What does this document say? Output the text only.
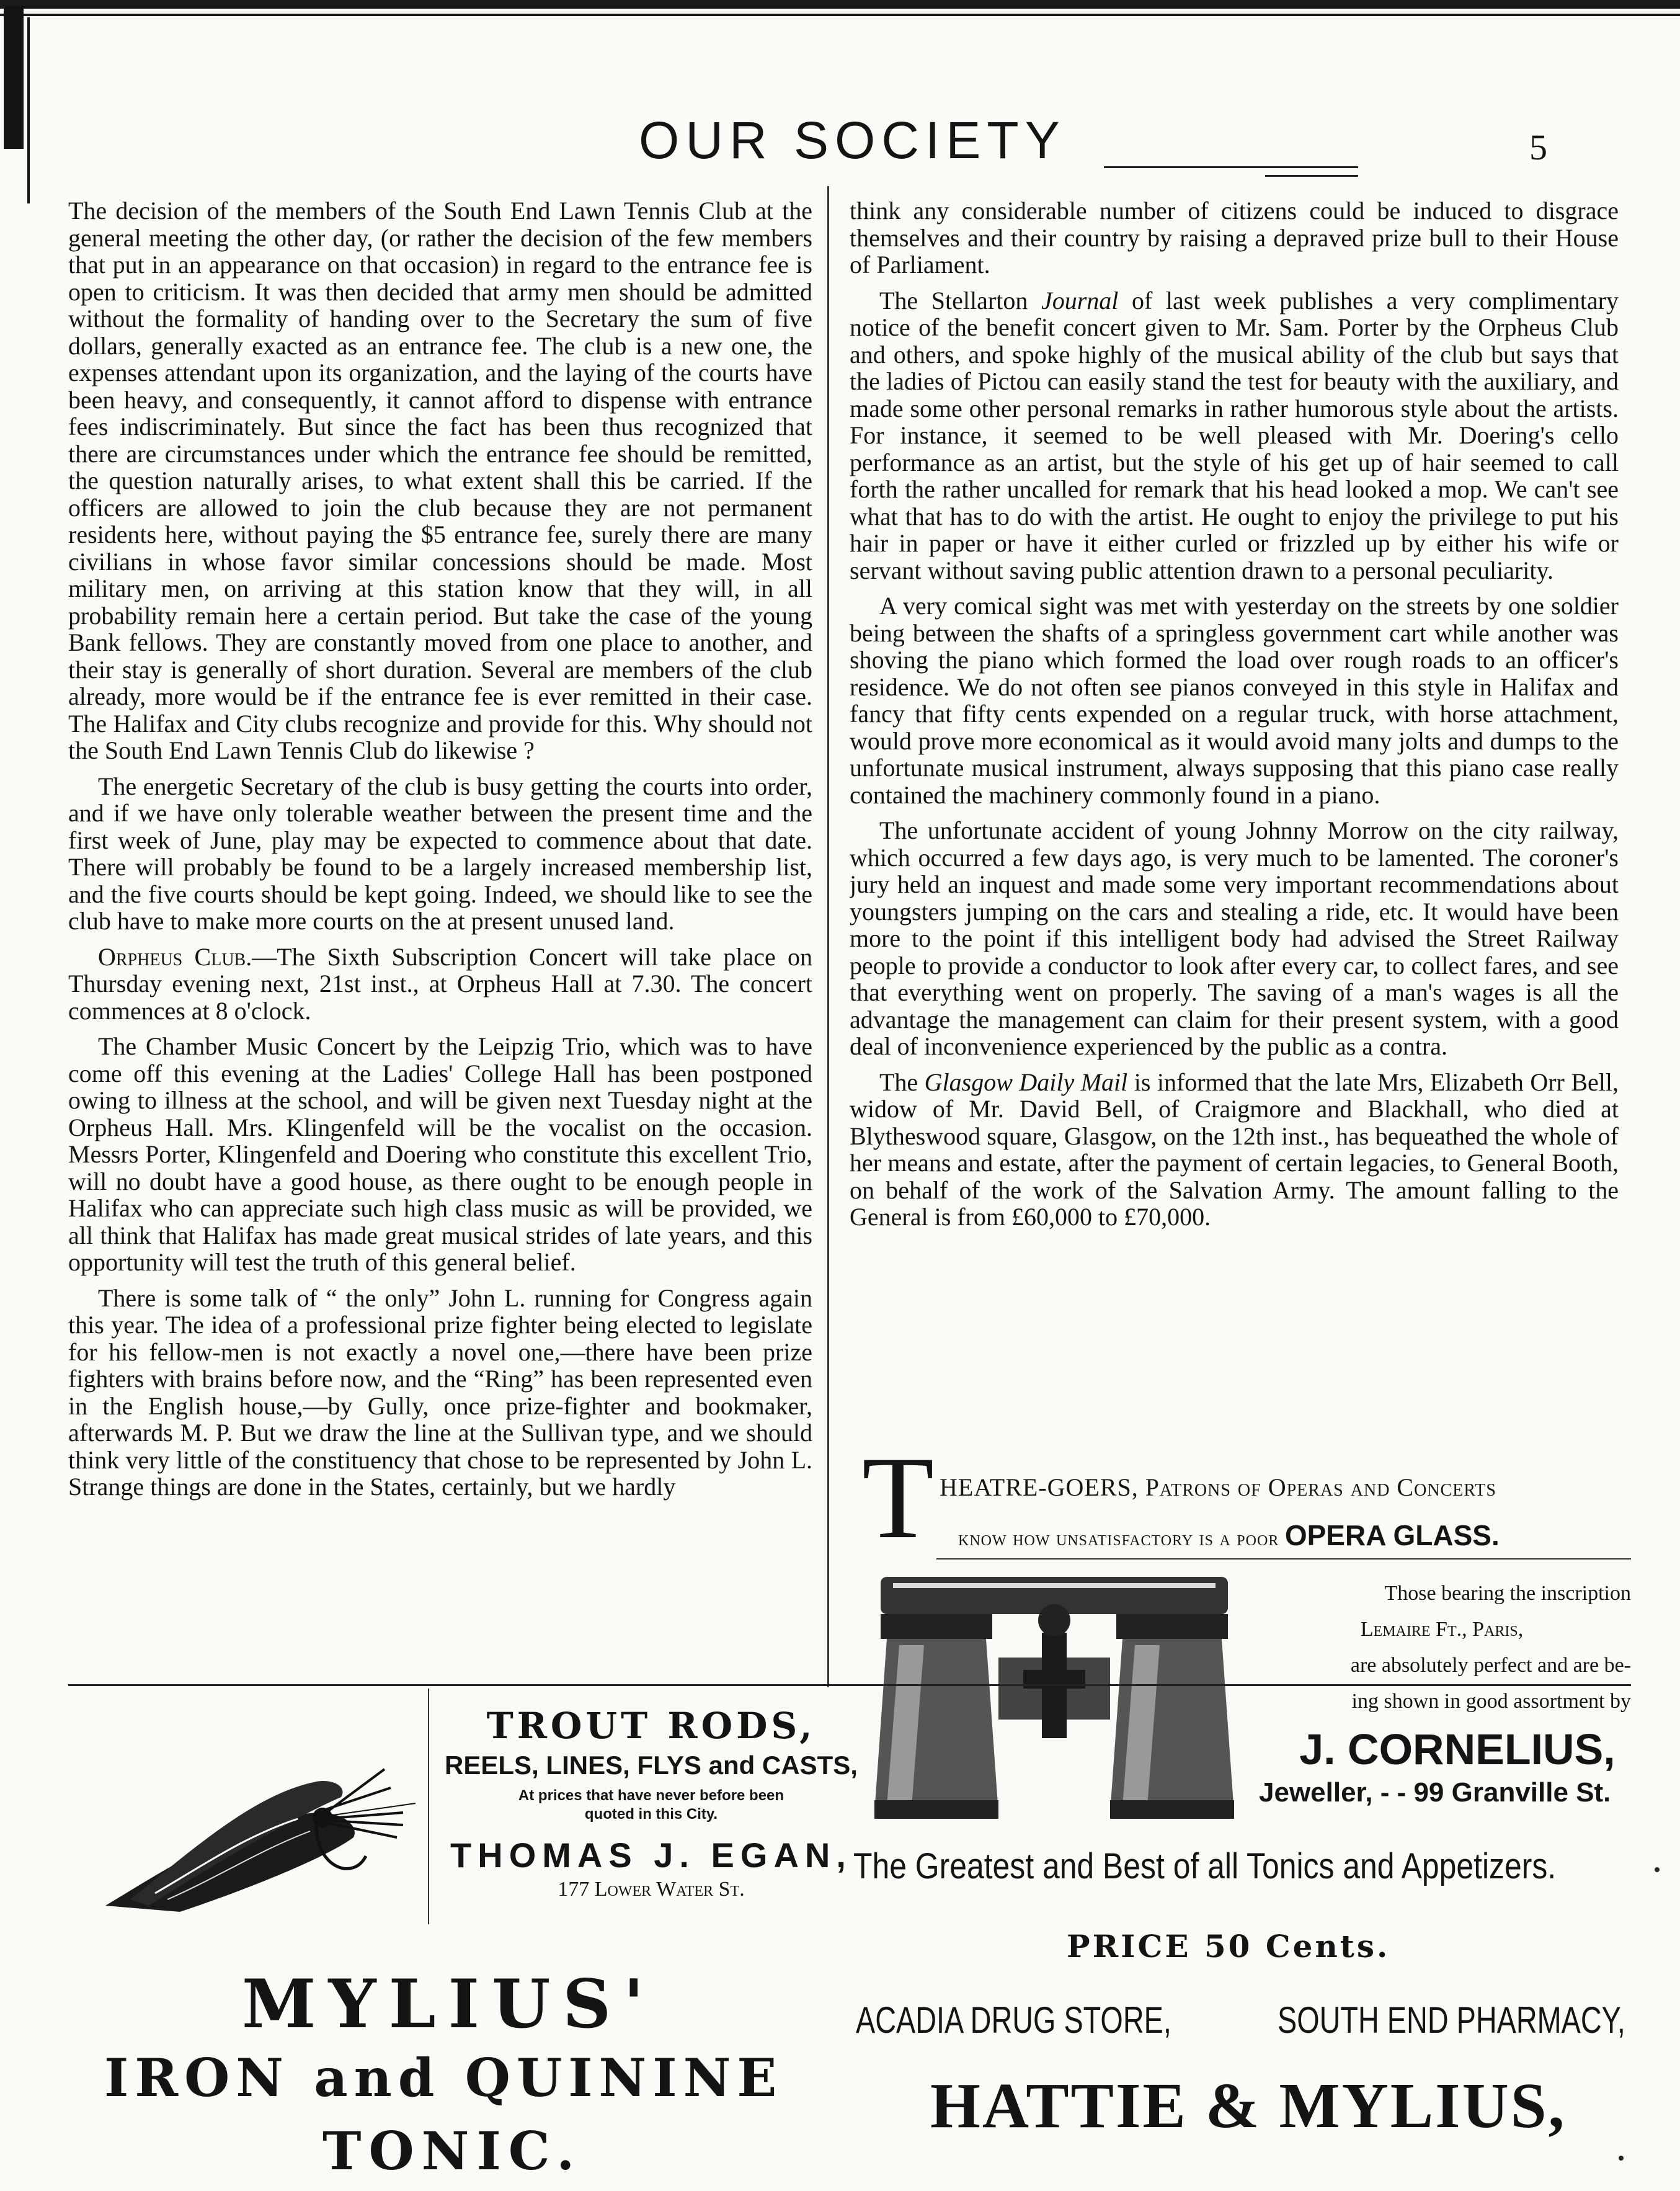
OUR SOCIETY	5

The decision of the members of the South End Lawn Tennis Club at the general meeting the other day, (or rather the decision of the few members that put in an appearance on that occasion) in regard to the entrance fee is open to criticism. It was then decided that army men should be admitted without the formality of handing over to the Secretary the sum of five dollars, generally exacted as an entrance fee. The club is a new one, the expenses attendant upon its organization, and the laying of the courts have been heavy, and consequently, it cannot afford to dispense with entrance fees indiscriminately. But since the fact has been thus recognized that there are circumstances under which the entrance fee should be remitted, the question naturally arises, to what extent shall this be carried. If the officers are allowed to join the club because they are not permanent residents here, without paying the $5 entrance fee, surely there are many civilians in whose favor similar concessions should be made. Most military men, on arriving at this station know that they will, in all probability remain here a certain period. But take the case of the young Bank fellows. They are constantly moved from one place to another, and their stay is generally of short duration. Several are members of the club already, more would be if the entrance fee is ever remitted in their case. The Halifax and City clubs recognize and provide for this. Why should not the South End Lawn Tennis Club do likewise ?

The energetic Secretary of the club is busy getting the courts into order, and if we have only tolerable weather between the present time and the first week of June, play may be expected to commence about that date. There will probably be found to be a largely increased membership list, and the five courts should be kept going. Indeed, we should like to see the club have to make more courts on the at present unused land.

Orpheus Club.—The Sixth Subscription Concert will take place on Thursday evening next, 21st inst., at Orpheus Hall at 7.30. The concert commences at 8 o'clock.

The Chamber Music Concert by the Leipzig Trio, which was to have come off this evening at the Ladies' College Hall has been postponed owing to illness at the school, and will be given next Tuesday night at the Orpheus Hall. Mrs. Klingenfeld will be the vocalist on the occasion. Messrs Porter, Klingenfeld and Doering who constitute this excellent Trio, will no doubt have a good house, as there ought to be enough people in Halifax who can appreciate such high class music as will be provided, we all think that Halifax has made great musical strides of late years, and this opportunity will test the truth of this general belief.

There is some talk of “ the only” John L. running for Congress again this year. The idea of a professional prize fighter being elected to legislate for his fellow-men is not exactly a novel one,—there have been prize fighters with brains before now, and the “Ring” has been represented even in the English house,—by Gully, once prize-fighter and bookmaker, afterwards M. P. But we draw the line at the Sullivan type, and we should think very little of the constituency that chose to be represented by John L. Strange things are done in the States, certainly, but we hardly

think any considerable number of citizens could be induced to disgrace themselves and their country by raising a depraved prize bull to their House of Parliament.

The Stellarton Journal of last week publishes a very complimentary notice of the benefit concert given to Mr. Sam. Porter by the Orpheus Club and others, and spoke highly of the musical ability of the club but says that the ladies of Pictou can easily stand the test for beauty with the auxiliary, and made some other personal remarks in rather humorous style about the artists. For instance, it seemed to be well pleased with Mr. Doering's cello performance as an artist, but the style of his get up of hair seemed to call forth the rather uncalled for remark that his head looked a mop. We can't see what that has to do with the artist. He ought to enjoy the privilege to put his hair in paper or have it either curled or frizzled up by either his wife or servant without saving public attention drawn to a personal peculiarity.

A very comical sight was met with yesterday on the streets by one soldier being between the shafts of a springless government cart while another was shoving the piano which formed the load over rough roads to an officer's residence. We do not often see pianos conveyed in this style in Halifax and fancy that fifty cents expended on a regular truck, with horse attachment, would prove more economical as it would avoid many jolts and dumps to the unfortunate musical instrument, always supposing that this piano case really contained the machinery commonly found in a piano.

The unfortunate accident of young Johnny Morrow on the city railway, which occurred a few days ago, is very much to be lamented. The coroner's jury held an inquest and made some very important recommendations about youngsters jumping on the cars and stealing a ride, etc. It would have been more to the point if this intelligent body had advised the Street Railway people to provide a conductor to look after every car, to collect fares, and see that everything went on properly. The saving of a man's wages is all the advantage the management can claim for their present system, with a good deal of inconvenience experienced by the public as a contra.

The Glasgow Daily Mail is informed that the late Mrs, Elizabeth Orr Bell, widow of Mr. David Bell, of Craigmore and Blackhall, who died at Blytheswood square, Glasgow, on the 12th inst., has bequeathed the whole of her means and estate, after the payment of certain legacies, to General Booth, on behalf of the work of the Salvation Army. The amount falling to the General is from £60,000 to £70,000.

T HEATRE-GOERS, Patrons of Operas and Concerts
know how unsatisfactory is a poor OPERA GLASS.
Those bearing the inscription
Lemaire Ft., Paris,
are absolutely perfect and are be-
ing shown in good assortment by
J. CORNELIUS,
Jeweller, - - 99 Granville St.
TROUT RODS,
REELS, LINES, FLYS and CASTS,
At prices that have never before been
quoted in this City.
THOMAS J. EGAN,
177 Lower Water St.
The Greatest and Best of all Tonics and Appetizers.
PRICE 50 Cents.
MYLIUS'
IRON and QUININE
TONIC.
ACADIA DRUG STORE,	SOUTH END PHARMACY,
HATTIE & MYLIUS,
